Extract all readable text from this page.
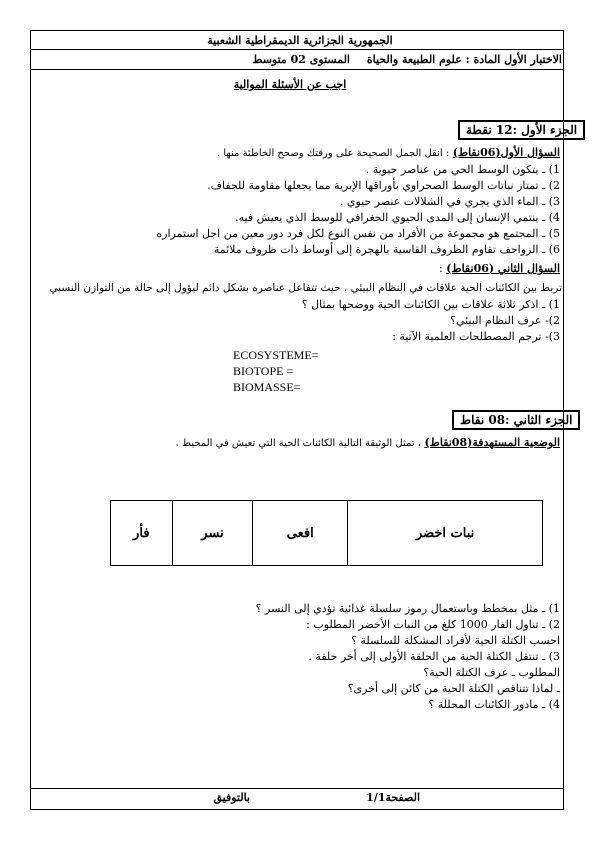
الجمهورية الجزائرية الديمقراطية الشعبية
الاختبار الأول المادة : علوم الطبيعة والحياة
المستوى 02 متوسط
اجب عن الأسئلة الموالية
الجزء الأول :12 نقطة
السؤال الأول(06نقاط) : انقل الجمل الصحيحة على ورقتك وصحح الخاطئة منها .
1) ـ يتكون الوسط الحي من عناصر حيوية .
2) ـ تمتاز نباتات الوسط الصحراوي بأوراقها الإبرية مما يجعلها مقاومة للجفاف.
3) ـ الماء الذي يجري في الشلالات عنصر حيوي .
4) ـ ينتمي الإنسان إلى المدى الحيوي الجغرافي للوسط الذي يعيش فيه.
5) ـ المجتمع هو مجموعة من الأفراد من نفس النوع لكل فرد دور معين من اجل استمراره
6) ـ الزواحف تقاوم الظروف القاسية بالهجرة إلى أوساط ذات ظروف ملائمة
السؤال الثاني (06نقاط) :
تربط بين الكائنات الحية علاقات في النظام البيئي ، حيث تتفاعل عناصره بشكل دائم ليؤول إلى حالة من التوازن النسبي
1) ـ اذكر ثلاثة علاقات بين الكائنات الحية ووضحها بمثال ؟
2)- عرف النظام البيئي؟
3)- ترجم المصطلحات العلمية الآتية :
ECOSYSTEME=
BIOTOPE =
BIOMASSE=
الجزء الثاني :08 نقاط
الوضعية المستهدفة(08نقاط) ، تمثل الوثيقة التالية الكائنات الحية التي تعيش في المحيط .
فأر	نسر	افعى	نبات اخضر
1) ـ مثل بمخطط وباستعمال رموز سلسلة غذائية تؤدي إلى النسر ؟
2) ـ تناول الفار 1000 كلغ من النبات الأخضر المطلوب :
احسب الكتلة الحية لأفراد المشكلة للسلسلة ؟
3) ـ تنتقل الكتلة الحية من الحلقة الأولى إلى أخر حلقة .
المطلوب ـ عرف الكتلة الحية؟
ـ لماذا تتناقص الكتلة الحية من كائن إلى أخرى؟
4) ـ مادور الكائنات المحللة ؟
الصفحة1/1
بالتوفيق
